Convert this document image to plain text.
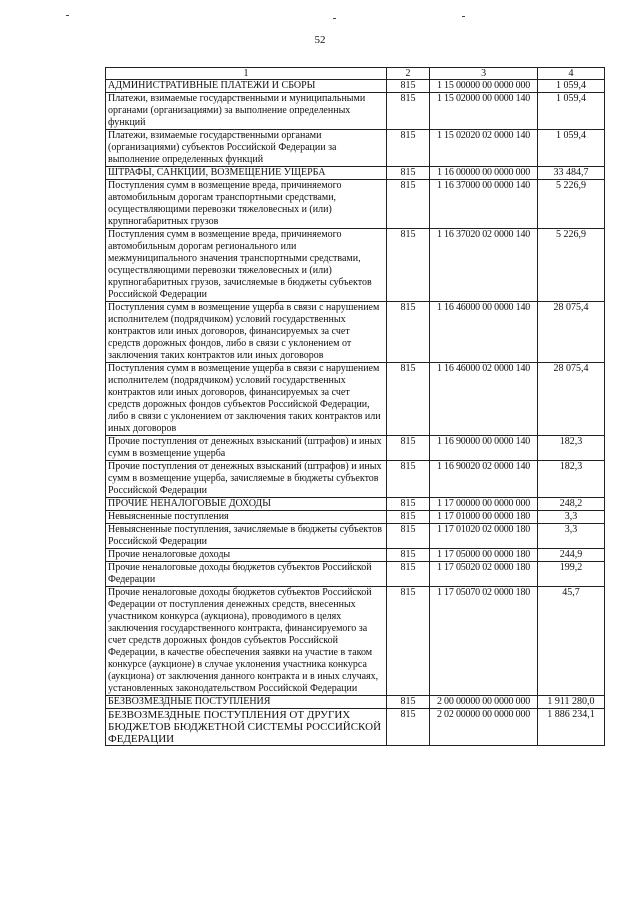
52
1	2	3	4
АДМИНИСТРАТИВНЫЕ ПЛАТЕЖИ И СБОРЫ	815	1 15 00000 00 0000 000	1 059,4
Платежи, взимаемые государственными и муниципальными органами (организациями) за выполнение определенных функций	815	1 15 02000 00 0000 140	1 059,4
Платежи, взимаемые государственными органами (организациями) субъектов Российской Федерации за выполнение определенных функций	815	1 15 02020 02 0000 140	1 059,4
ШТРАФЫ, САНКЦИИ, ВОЗМЕЩЕНИЕ УЩЕРБА	815	1 16 00000 00 0000 000	33 484,7
Поступления сумм в возмещение вреда, причиняемого автомобильным дорогам транспортными средствами, осуществляющими перевозки тяжеловесных и (или) крупногабаритных грузов	815	1 16 37000 00 0000 140	5 226,9
Поступления сумм в возмещение вреда, причиняемого автомобильным дорогам регионального или межмуниципального значения транспортными средствами, осуществляющими перевозки тяжеловесных и (или) крупногабаритных грузов, зачисляемые в бюджеты субъектов Российской Федерации	815	1 16 37020 02 0000 140	5 226,9
Поступления сумм в возмещение ущерба в связи с нарушением исполнителем (подрядчиком) условий государственных контрактов или иных договоров, финансируемых за счет средств дорожных фондов, либо в связи с уклонением от заключения таких контрактов или иных договоров	815	1 16 46000 00 0000 140	28 075,4
Поступления сумм в возмещение ущерба в связи с нарушением исполнителем (подрядчиком) условий государственных контрактов или иных договоров, финансируемых за счет средств дорожных фондов субъектов Российской Федерации, либо в связи с уклонением от заключения таких контрактов или иных договоров	815	1 16 46000 02 0000 140	28 075,4
Прочие поступления от денежных взысканий (штрафов) и иных сумм в возмещение ущерба	815	1 16 90000 00 0000 140	182,3
Прочие поступления от денежных взысканий (штрафов) и иных сумм в возмещение ущерба, зачисляемые в бюджеты субъектов Российской Федерации	815	1 16 90020 02 0000 140	182,3
ПРОЧИЕ НЕНАЛОГОВЫЕ ДОХОДЫ	815	1 17 00000 00 0000 000	248,2
Невыясненные поступления	815	1 17 01000 00 0000 180	3,3
Невыясненные поступления, зачисляемые в бюджеты субъектов Российской Федерации	815	1 17 01020 02 0000 180	3,3
Прочие неналоговые доходы	815	1 17 05000 00 0000 180	244,9
Прочие неналоговые доходы бюджетов субъектов Российской Федерации	815	1 17 05020 02 0000 180	199,2
Прочие неналоговые доходы бюджетов субъектов Российской Федерации от поступления денежных средств, внесенных участником конкурса (аукциона), проводимого в целях заключения государственного контракта, финансируемого за счет средств дорожных фондов субъектов Российской Федерации, в качестве обеспечения заявки на участие в таком конкурсе (аукционе) в случае уклонения участника конкурса (аукциона) от заключения данного контракта и в иных случаях, установленных законодательством Российской Федерации	815	1 17 05070 02 0000 180	45,7
БЕЗВОЗМЕЗДНЫЕ ПОСТУПЛЕНИЯ	815	2 00 00000 00 0000 000	1 911 280,0
БЕЗВОЗМЕЗДНЫЕ ПОСТУПЛЕНИЯ ОТ ДРУГИХ БЮДЖЕТОВ БЮДЖЕТНОЙ СИСТЕМЫ РОССИЙСКОЙ ФЕДЕРАЦИИ	815	2 02 00000 00 0000 000	1 886 234,1
